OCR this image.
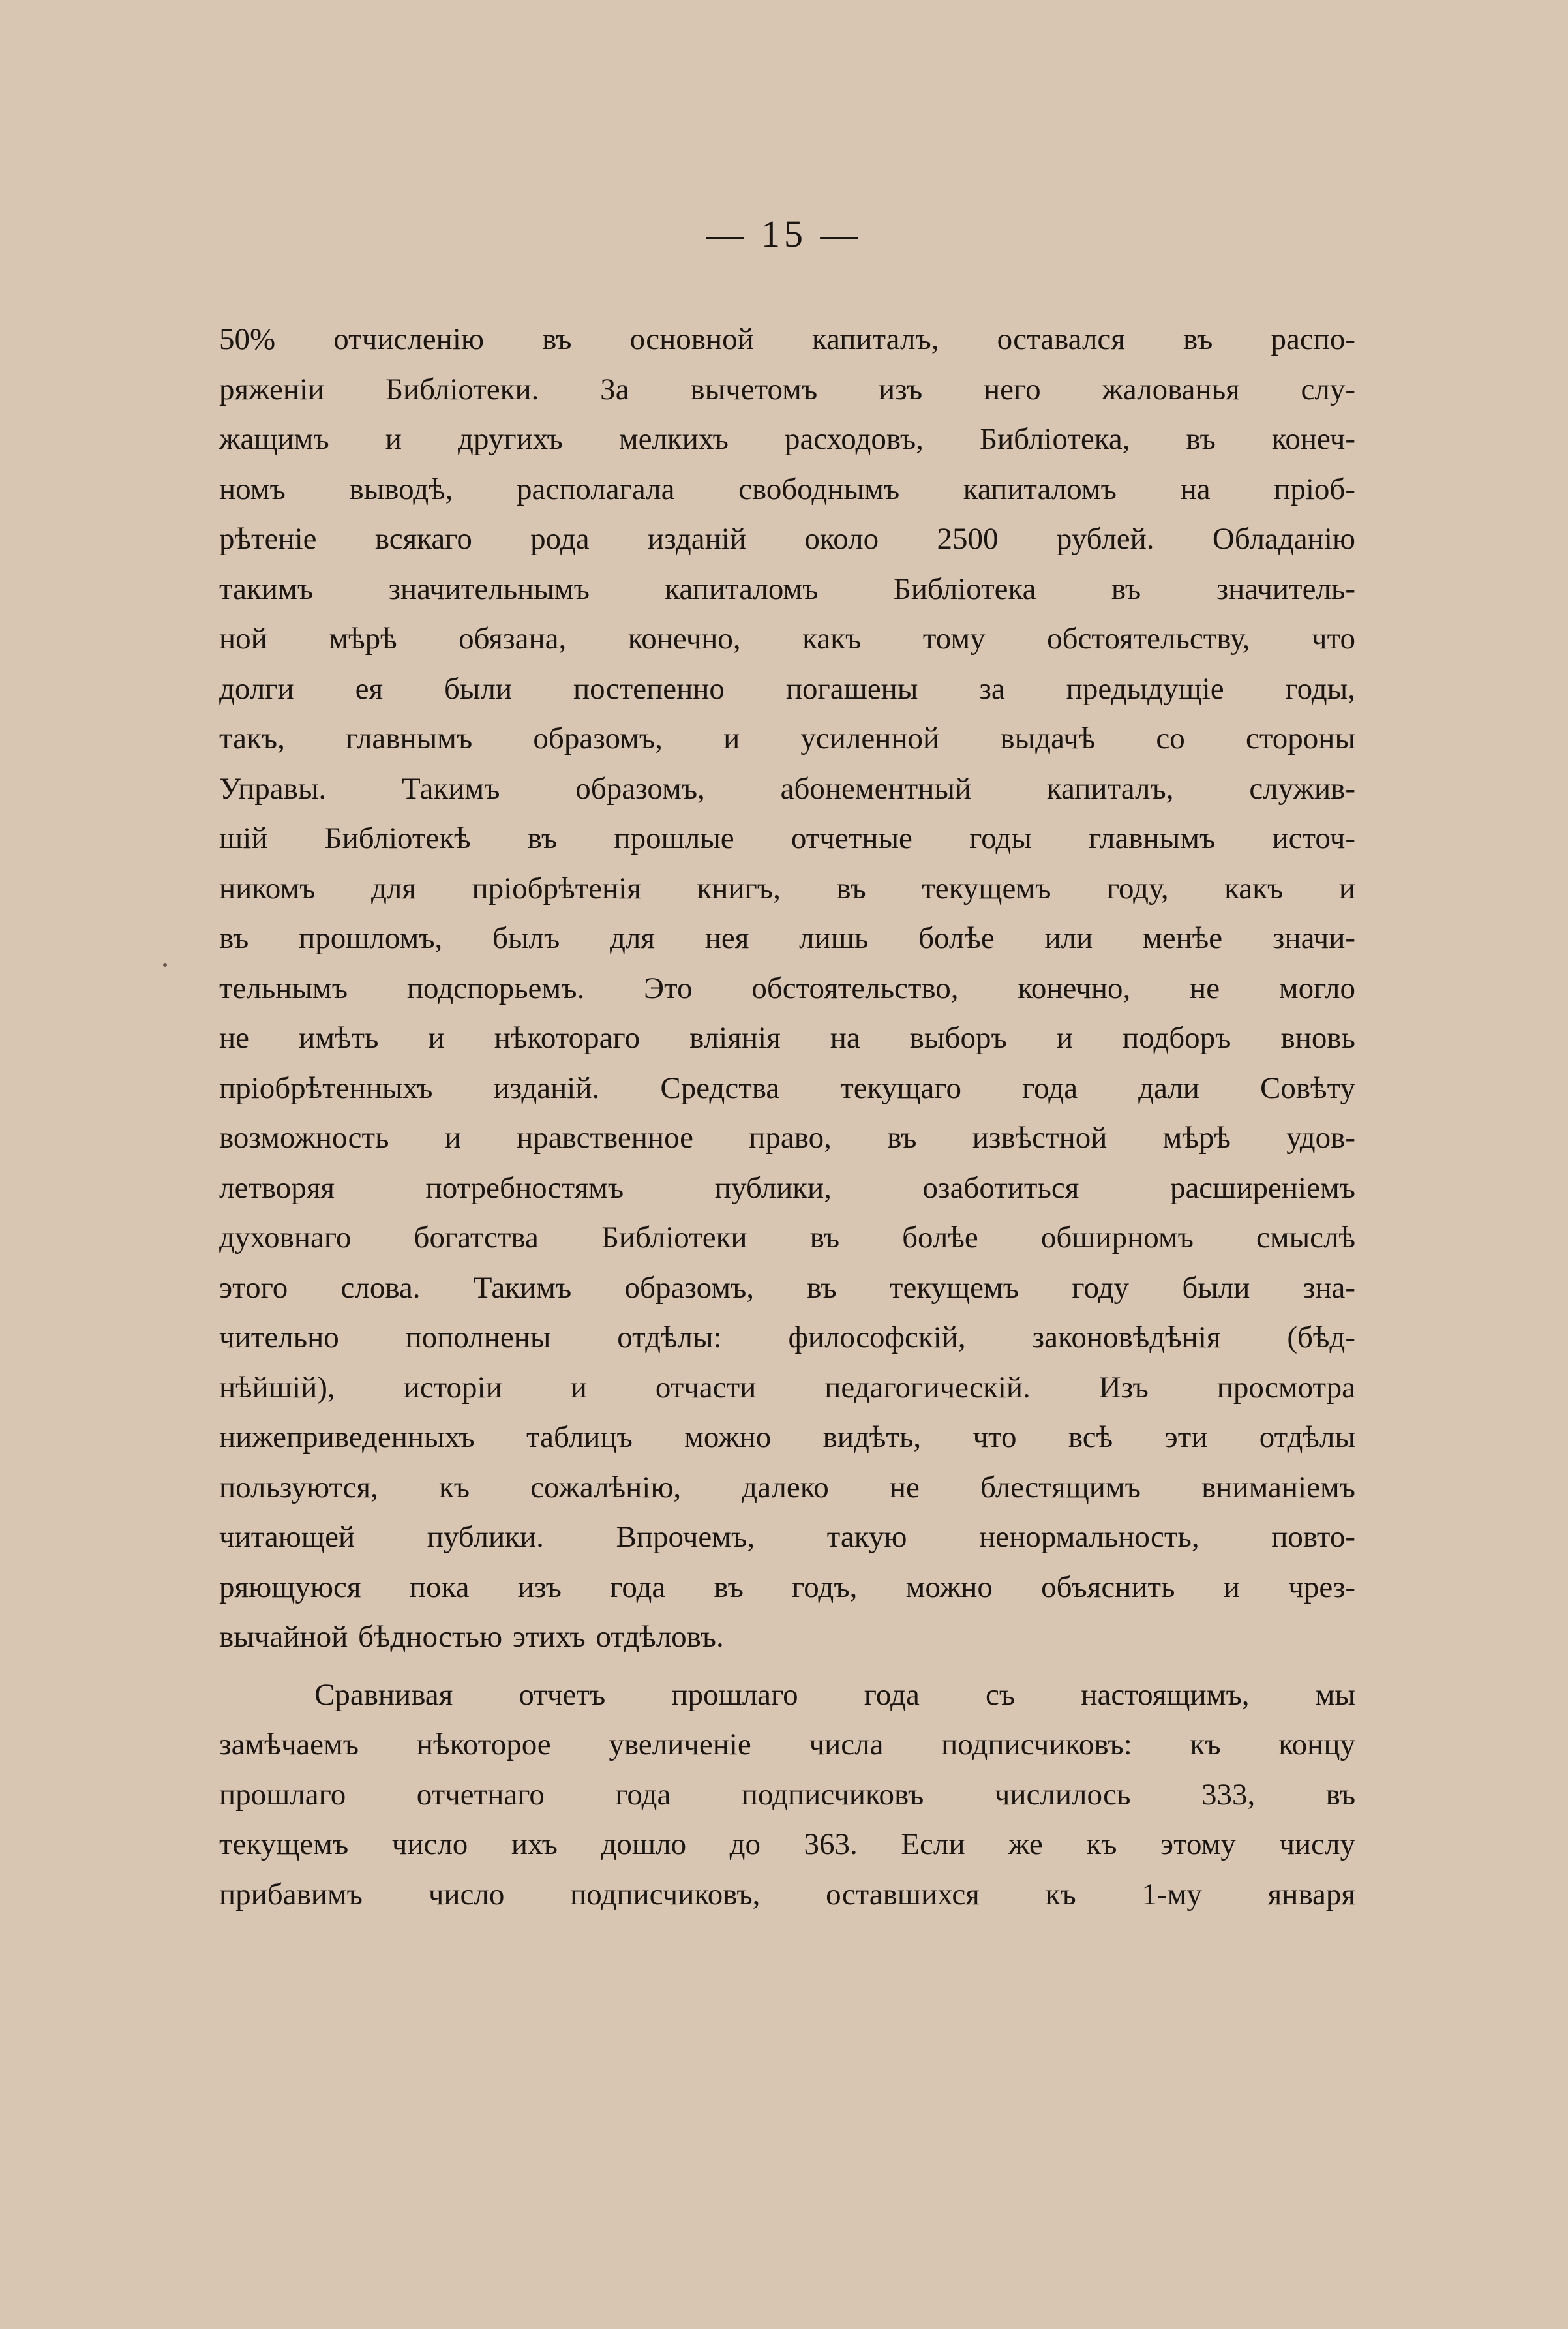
— 15 —
50% отчисленію въ основной капиталъ, оставался въ распо-
ряженіи Библіотеки. За вычетомъ изъ него жалованья слу-
жащимъ и другихъ мелкихъ расходовъ, Библіотека, въ конеч-
номъ выводѣ, располагала свободнымъ капиталомъ на пріоб-
рѣтеніе всякаго рода изданій около 2500 рублей. Обладанію
такимъ значительнымъ капиталомъ Библіотека въ значитель-
ной мѣрѣ обязана, конечно, какъ тому обстоятельству, что
долги ея были постепенно погашены за предыдущіе годы,
такъ, главнымъ образомъ, и усиленной выдачѣ со стороны
Управы. Такимъ образомъ, абонементный капиталъ, служив-
шій Библіотекѣ въ прошлые отчетные годы главнымъ источ-
никомъ для пріобрѣтенія книгъ, въ текущемъ году, какъ и
въ прошломъ, былъ для нея лишь болѣе или менѣе значи-
тельнымъ подспорьемъ. Это обстоятельство, конечно, не могло
не имѣть и нѣкотораго вліянія на выборъ и подборъ вновь
пріобрѣтенныхъ изданій. Средства текущаго года дали Совѣту
возможность и нравственное право, въ извѣстной мѣрѣ удов-
летворяя потребностямъ публики, озаботиться расширеніемъ
духовнаго богатства Библіотеки въ болѣе обширномъ смыслѣ
этого слова. Такимъ образомъ, въ текущемъ году были зна-
чительно пополнены отдѣлы: философскій, законовѣдѣнія (бѣд-
нѣйшій), исторіи и отчасти педагогическій. Изъ просмотра
нижеприведенныхъ таблицъ можно видѣть, что всѣ эти отдѣлы
пользуются, къ сожалѣнію, далеко не блестящимъ вниманіемъ
читающей публики. Впрочемъ, такую ненормальность, повто-
ряющуюся пока изъ года въ годъ, можно объяснить и чрез-
вычайной бѣдностью этихъ отдѣловъ.
Сравнивая отчетъ прошлаго года съ настоящимъ, мы
замѣчаемъ нѣкоторое увеличеніе числа подписчиковъ: къ концу
прошлаго отчетнаго года подписчиковъ числилось 333, въ
текущемъ число ихъ дошло до 363. Если же къ этому числу
прибавимъ число подписчиковъ, оставшихся къ 1-му января
